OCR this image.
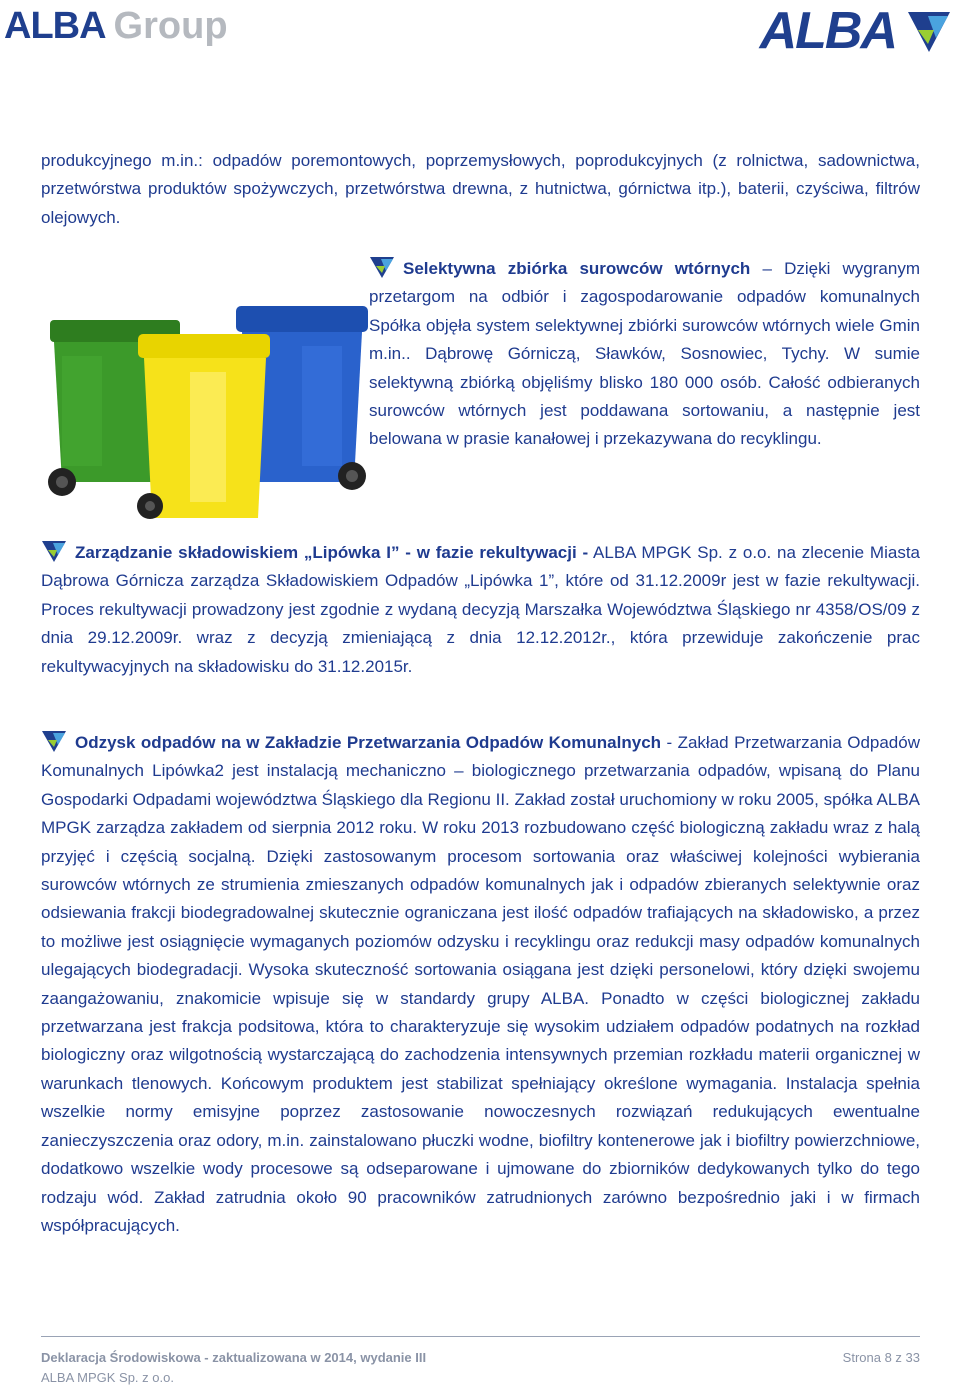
ALBA Group	ALBA
produkcyjnego m.in.: odpadów poremontowych, poprzemysłowych, poprodukcyjnych (z rolnictwa, sadownictwa, przetwórstwa produktów spożywczych, przetwórstwa drewna, z hutnictwa, górnictwa itp.), baterii, czyściwa, filtrów olejowych.
Selektywna zbiórka surowców wtórnych – Dzięki wygranym przetargom na odbiór i zagospodarowanie odpadów komunalnych Spółka objęła system selektywnej zbiórki surowców wtórnych wiele Gmin m.in.. Dąbrowę Górniczą, Sławków, Sosnowiec, Tychy. W sumie selektywną zbiórką objęliśmy blisko 180 000 osób. Całość odbieranych surowców wtórnych jest poddawana sortowaniu, a następnie jest belowana w prasie kanałowej i przekazywana do recyklingu.
Zarządzanie składowiskiem „Lipówka I” - w fazie rekultywacji - ALBA MPGK Sp. z o.o. na zlecenie Miasta Dąbrowa Górnicza zarządza Składowiskiem Odpadów „Lipówka 1”, które od 31.12.2009r jest w fazie rekultywacji. Proces rekultywacji prowadzony jest zgodnie z wydaną decyzją Marszałka Województwa Śląskiego nr 4358/OS/09 z dnia 29.12.2009r. wraz z decyzją zmieniającą z dnia 12.12.2012r., która przewiduje zakończenie prac rekultywacyjnych na składowisku do 31.12.2015r.
Odzysk odpadów na w Zakładzie Przetwarzania Odpadów Komunalnych - Zakład Przetwarzania Odpadów Komunalnych Lipówka2 jest instalacją mechaniczno – biologicznego przetwarzania odpadów, wpisaną do Planu Gospodarki Odpadami województwa Śląskiego dla Regionu II. Zakład został uruchomiony w roku 2005, spółka ALBA MPGK zarządza zakładem od sierpnia 2012 roku. W roku 2013 rozbudowano część biologiczną zakładu wraz z halą przyjęć i częścią socjalną. Dzięki zastosowanym procesom sortowania oraz właściwej kolejności wybierania surowców wtórnych ze strumienia zmieszanych odpadów komunalnych jak i odpadów zbieranych selektywnie oraz odsiewania frakcji biodegradowalnej skutecznie ograniczana jest ilość odpadów trafiających na składowisko, a przez to możliwe jest osiągnięcie wymaganych poziomów odzysku i recyklingu oraz redukcji masy odpadów komunalnych ulegających biodegradacji. Wysoka skuteczność sortowania osiągana jest dzięki personelowi, który dzięki swojemu zaangażowaniu, znakomicie wpisuje się w standardy grupy ALBA. Ponadto w części biologicznej zakładu przetwarzana jest frakcja podsitowa, która to charakteryzuje się wysokim udziałem odpadów podatnych na rozkład biologiczny oraz wilgotnością wystarczającą do zachodzenia intensywnych przemian rozkładu materii organicznej w warunkach tlenowych. Końcowym produktem jest stabilizat spełniający określone wymagania. Instalacja spełnia wszelkie normy emisyjne poprzez zastosowanie nowoczesnych rozwiązań redukujących ewentualne zanieczyszczenia oraz odory, m.in. zainstalowano płuczki wodne, biofiltry kontenerowe jak i biofiltry powierzchniowe, dodatkowo wszelkie wody procesowe są odseparowane i ujmowane do zbiorników dedykowanych tylko do tego rodzaju wód. Zakład zatrudnia około 90 pracowników zatrudnionych zarówno bezpośrednio jaki i w firmach współpracujących.
Deklaracja Środowiskowa - zaktualizowana w 2014, wydanie III
ALBA MPGK Sp. z o.o.
Strona 8 z 33
